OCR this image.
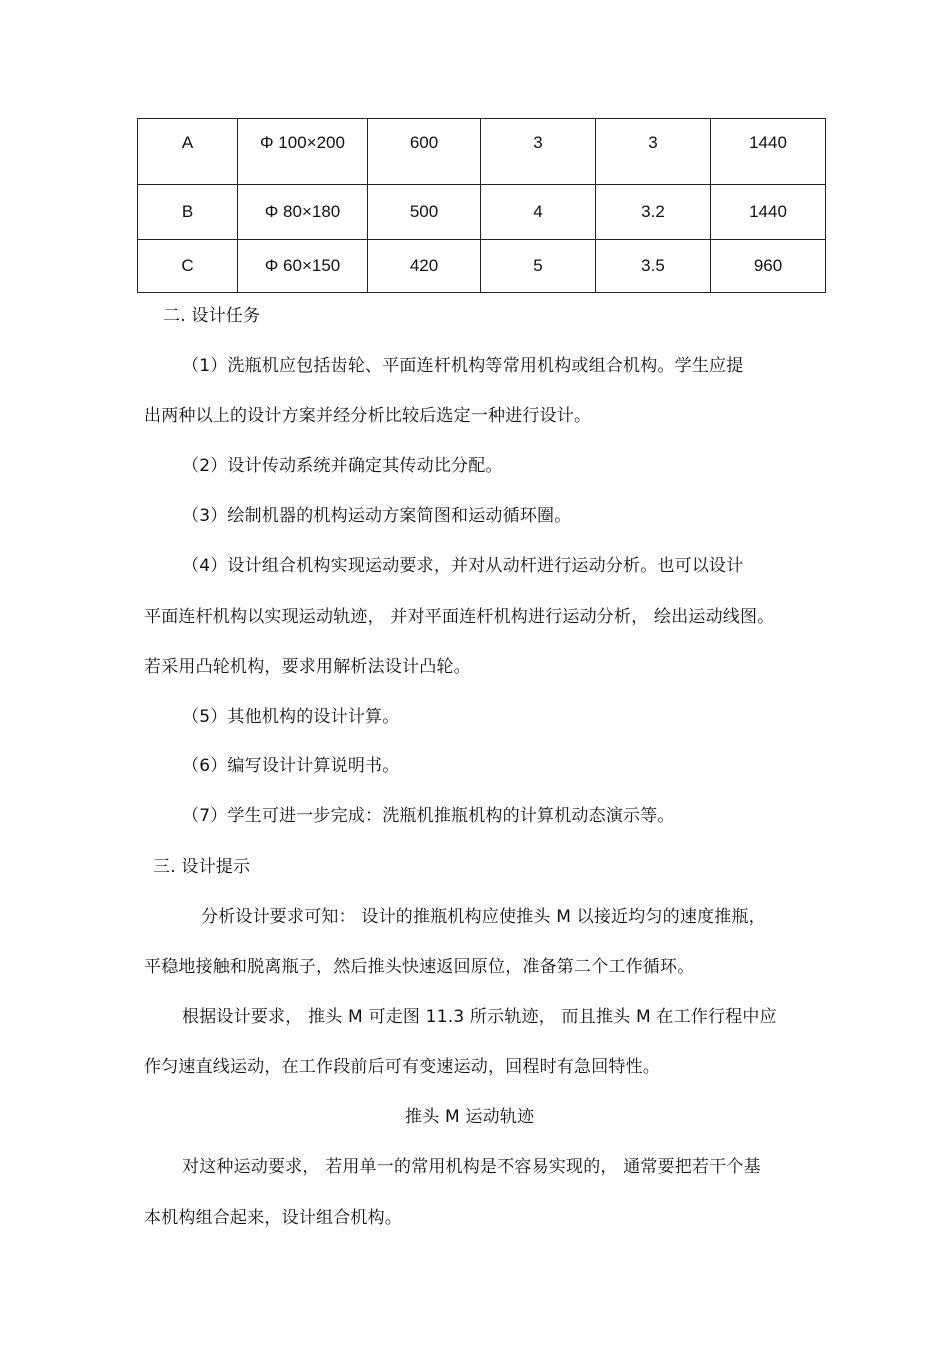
A	Φ 100×200	600	3	3	1440
B	Φ 80×180	500	4	3.2	1440
C	Φ 60×150	420	5	3.5	960
二. 设计任务
（1）洗瓶机应包括齿轮、平面连杆机构等常用机构或组合机构。学生应提
出两种以上的设计方案并经分析比较后选定一种进行设计。
（2）设计传动系统并确定其传动比分配。
（3）绘制机器的机构运动方案简图和运动循环圈。
（4）设计组合机构实现运动要求，并对从动杆进行运动分析。也可以设计
平面连杆机构以实现运动轨迹， 并对平面连杆机构进行运动分析， 绘出运动线图。
若采用凸轮机构，要求用解析法设计凸轮。
（5）其他机构的设计计算。
（6）编写设计计算说明书。
（7）学生可进一步完成：洗瓶机推瓶机构的计算机动态演示等。
三. 设计提示
分析设计要求可知： 设计的推瓶机构应使推头 M 以接近均匀的速度推瓶，
平稳地接触和脱离瓶子，然后推头快速返回原位，准备第二个工作循环。
根据设计要求， 推头 M 可走图 11.3 所示轨迹， 而且推头 M 在工作行程中应
作匀速直线运动，在工作段前后可有变速运动，回程时有急回特性。
推头 M 运动轨迹
对这种运动要求， 若用单一的常用机构是不容易实现的， 通常要把若干个基
本机构组合起来，设计组合机构。
